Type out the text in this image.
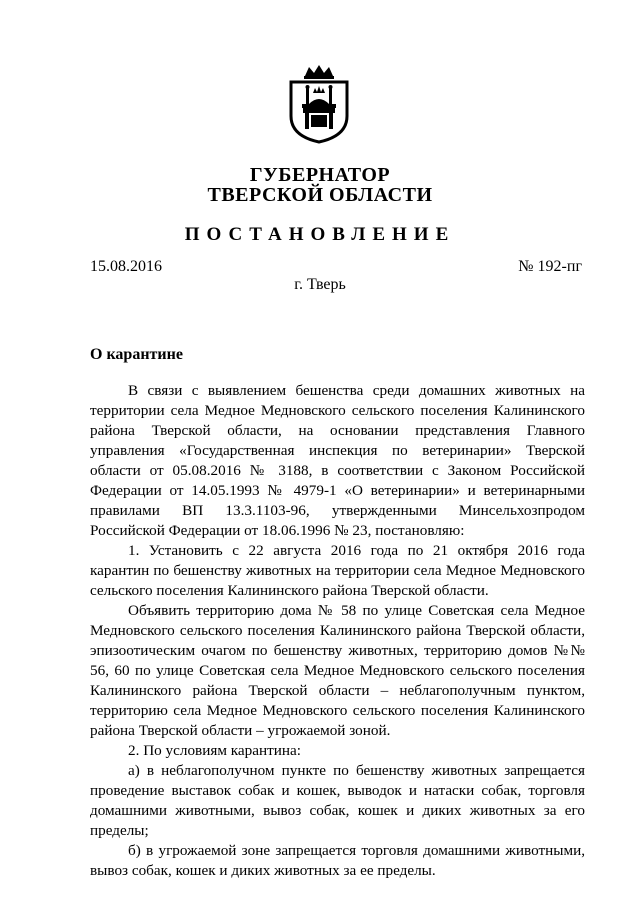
ГУБЕРНАТОР
ТВЕРСКОЙ ОБЛАСТИ
ПОСТАНОВЛЕНИЕ
15.08.2016	№ 192-пг
г. Тверь
О карантине

В связи с выявлением бешенства среди домашних животных на территории села Медное Медновского сельского поселения Калининского района Тверской области, на основании представления Главного управления «Государственная инспекция по ветеринарии» Тверской области от 05.08.2016 № 3188, в соответствии с Законом Российской Федерации от 14.05.1993 № 4979-1 «О ветеринарии» и ветеринарными правилами ВП 13.3.1103-96, утвержденными Минсельхозпродом Российской Федерации от 18.06.1996 № 23, постановляю:

1. Установить с 22 августа 2016 года по 21 октября 2016 года карантин по бешенству животных на территории села Медное Медновского сельского поселения Калининского района Тверской области.

Объявить территорию дома № 58 по улице Советская села Медное Медновского сельского поселения Калининского района Тверской области, эпизоотическим очагом по бешенству животных, территорию домов №№ 56, 60 по улице Советская села Медное Медновского сельского поселения Калининского района Тверской области – неблагополучным пунктом, территорию села Медное Медновского сельского поселения Калининского района Тверской области – угрожаемой зоной.

2. По условиям карантина:

а) в неблагополучном пункте по бешенству животных запрещается проведение выставок собак и кошек, выводок и натаски собак, торговля домашними животными, вывоз собак, кошек и диких животных за его пределы;

б) в угрожаемой зоне запрещается торговля домашними животными, вывоз собак, кошек и диких животных за ее пределы.
